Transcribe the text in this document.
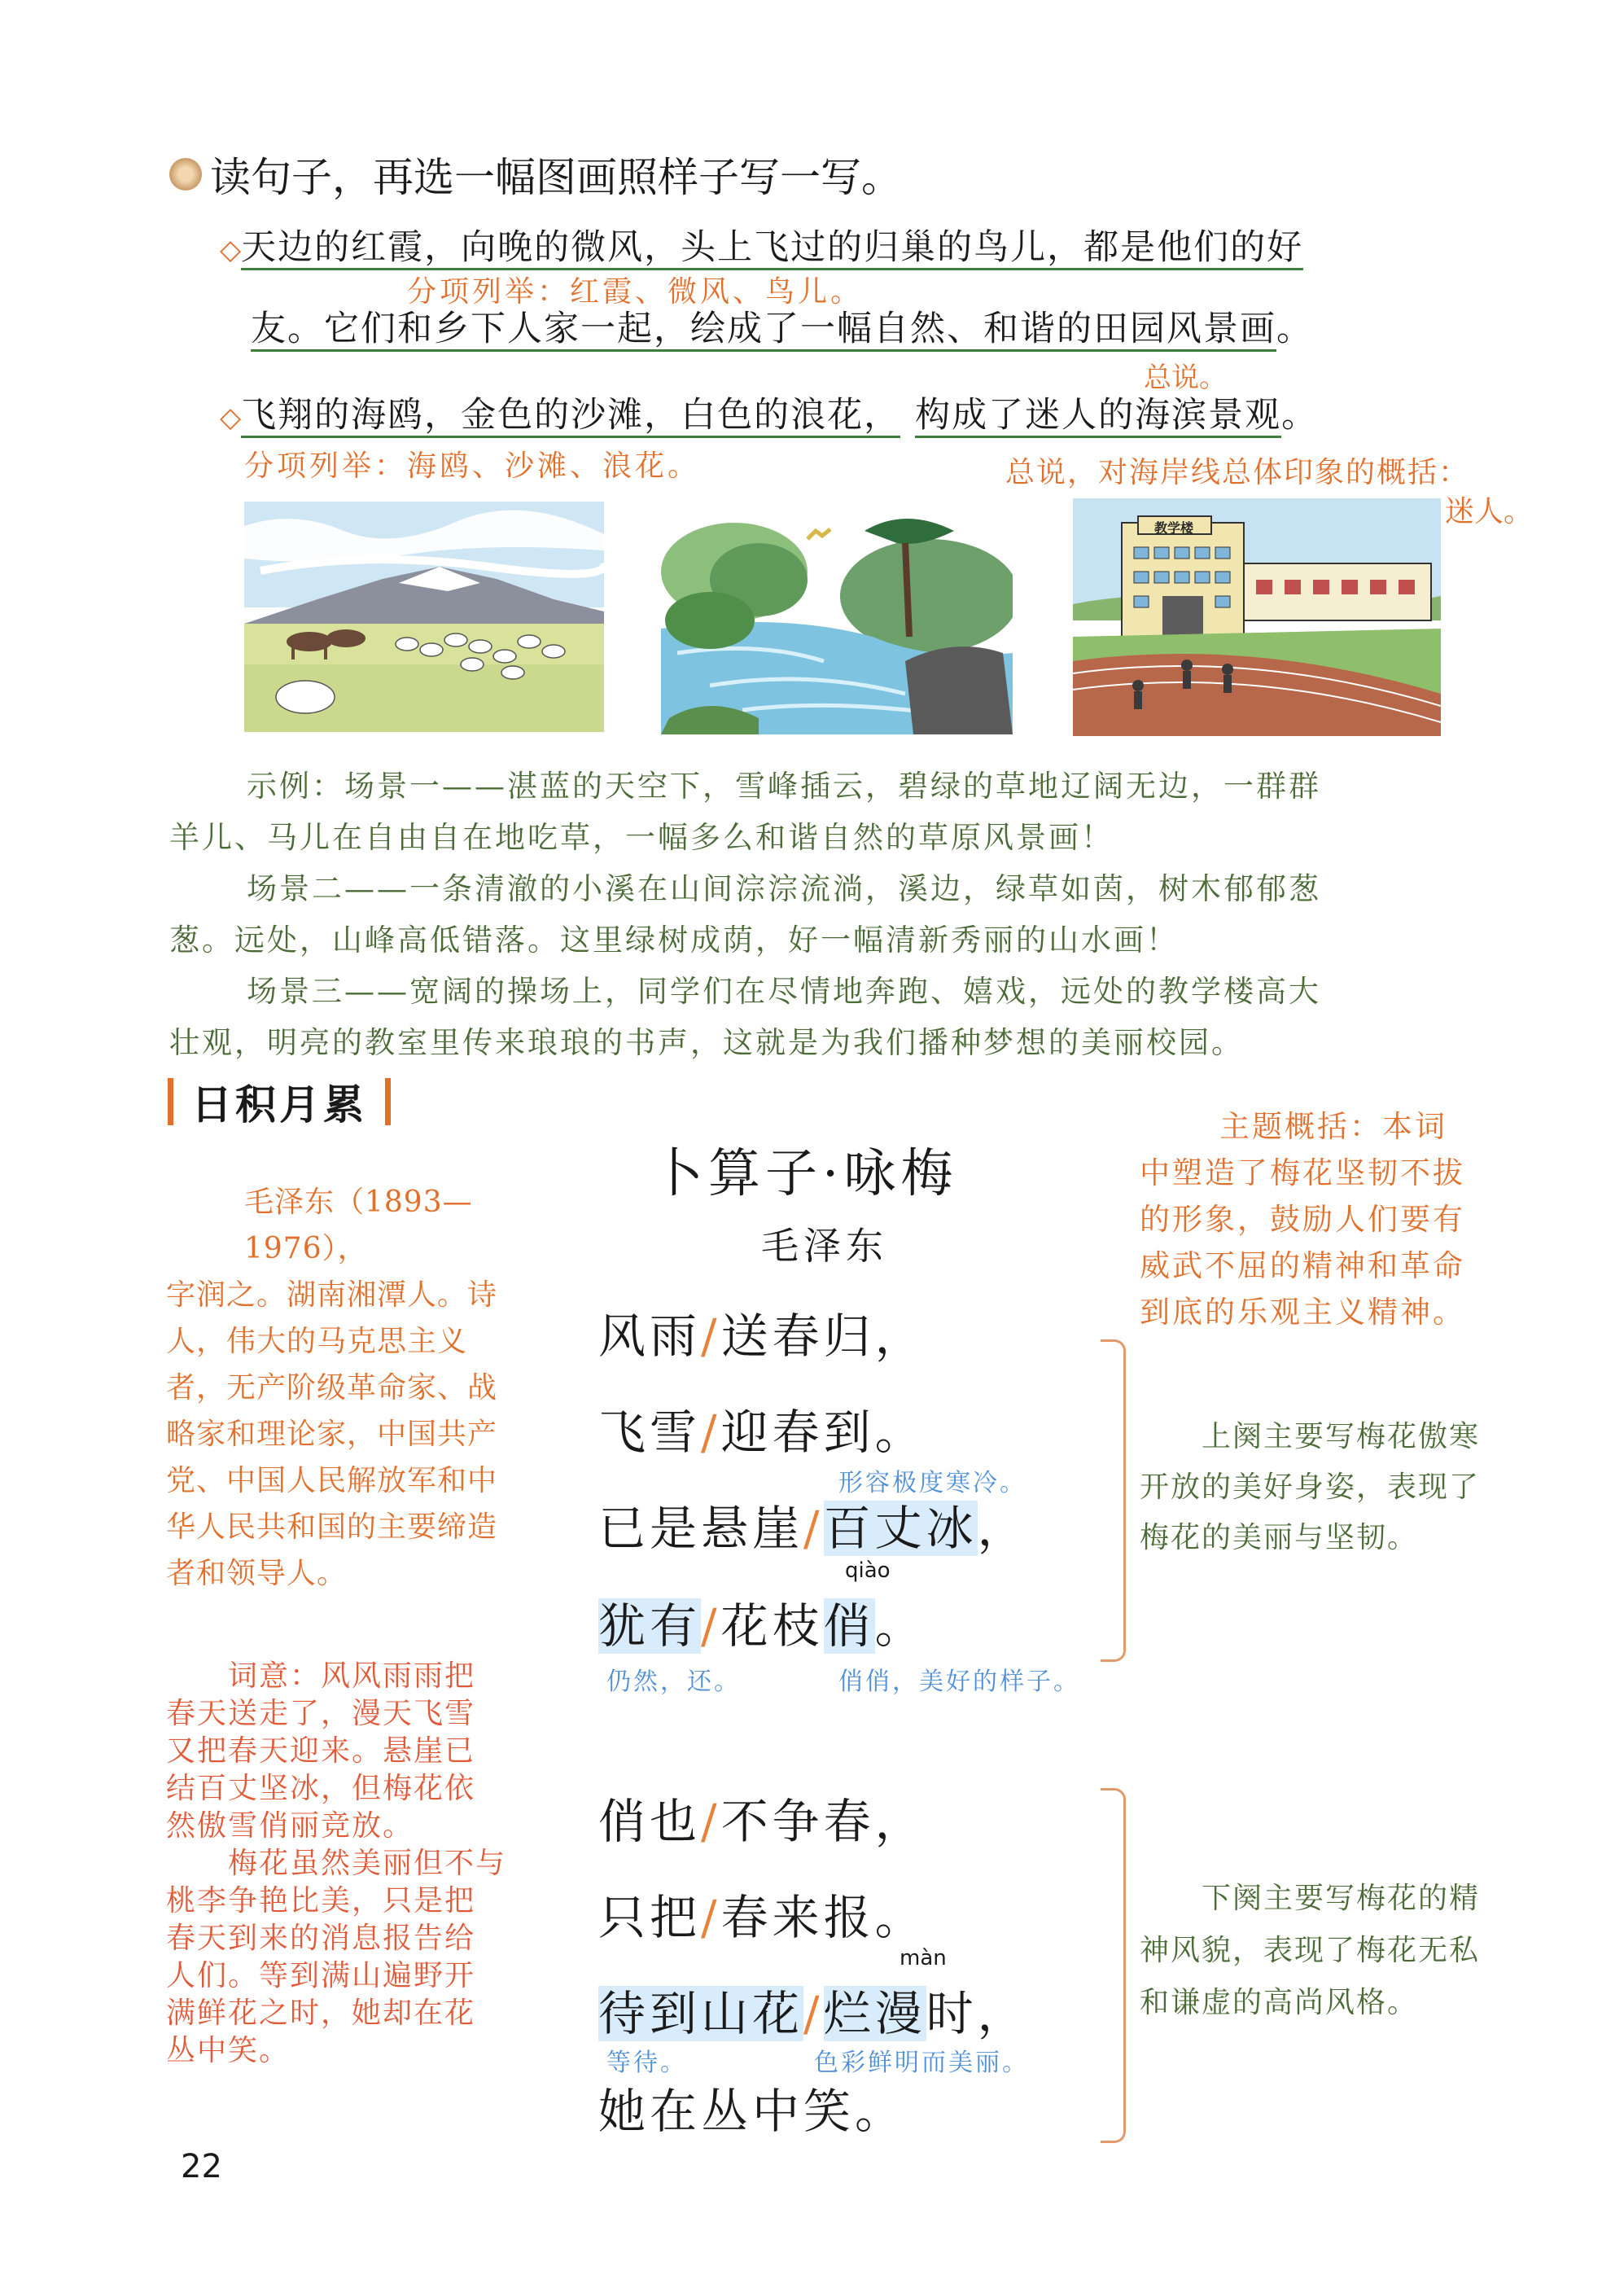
读句子，再选一幅图画照样子写一写。
◇天边的红霞，向晚的微风，头上飞过的归巢的鸟儿，都是他们的好
分项列举：红霞、微风、鸟儿。
友。它们和乡下人家一起，绘成了一幅自然、和谐的田园风景画。
总说。
◇飞翔的海鸥，金色的沙滩，白色的浪花， 构成了迷人的海滨景观。
分项列举：海鸥、沙滩、浪花。	总说，对海岸线总体印象的概括：
迷人。
教学楼
示例：场景一——湛蓝的天空下，雪峰插云，碧绿的草地辽阔无边，一群群
羊儿、马儿在自由自在地吃草，一幅多么和谐自然的草原风景画！
场景二——一条清澈的小溪在山间淙淙流淌，溪边，绿草如茵，树木郁郁葱
葱。远处，山峰高低错落。这里绿树成荫，好一幅清新秀丽的山水画！
场景三——宽阔的操场上，同学们在尽情地奔跑、嬉戏，远处的教学楼高大
壮观，明亮的教室里传来琅琅的书声，这就是为我们播种梦想的美丽校园。
日积月累
卜算子·咏梅
毛泽东
毛泽东（1893—1976），
字润之。湖南湘潭人。诗
人，伟大的马克思主义
者，无产阶级革命家、战
略家和理论家，中国共产
党、中国人民解放军和中
华人民共和国的主要缔造
者和领导人。
主题概括：本词
中塑造了梅花坚韧不拔
的形象，鼓励人们要有
威武不屈的精神和革命
到底的乐观主义精神。
上阕主要写梅花傲寒
开放的美好身姿，表现了
梅花的美丽与坚韧。
风雨/送春归，
飞雪/迎春到。
形容极度寒冷。
已是悬崖/百丈冰，
qiào
犹有/花枝俏。
仍然，还。	俏俏，美好的样子。
词意：风风雨雨把
春天送走了，漫天飞雪
又把春天迎来。悬崖已
结百丈坚冰，但梅花依
然傲雪俏丽竞放。
梅花虽然美丽但不与
桃李争艳比美，只是把
春天到来的消息报告给
人们。等到满山遍野开
满鲜花之时，她却在花
丛中笑。
下阕主要写梅花的精
神风貌，表现了梅花无私
和谦虚的高尚风格。
俏也/不争春，
只把/春来报。
màn
待到山花/烂漫时，
等待。	色彩鲜明而美丽。
她在丛中笑。
22
